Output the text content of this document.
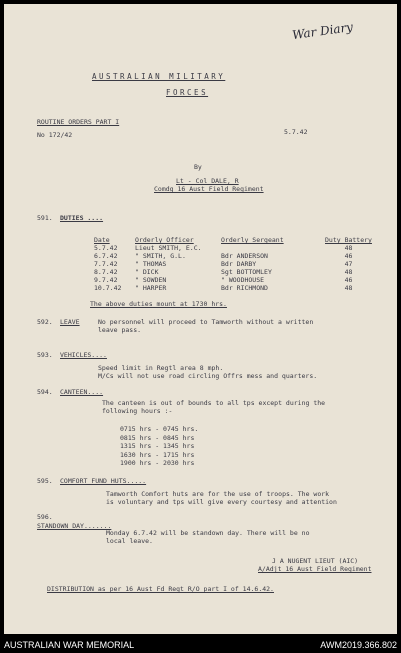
War Diary
AUSTRALIAN MILITARY
FORCES
ROUTINE ORDERS PART I
No 172/42	5.7.42
By
Lt - Col DALE, R
Comdg 16 Aust Field Regiment
591. DUTIES ....
Date	Orderly Officer	Orderly Sergeant	Duty Battery
5.7.42	Lieut SMITH, E.C.		48
6.7.42	" SMITH, G.L.	Bdr ANDERSON	46
7.7.42	" THOMAS	Bdr DARBY	47
8.7.42	" DICK	Sgt BOTTOMLEY	48
9.7.42	" SOWDEN	" WOODHOUSE	46
10.7.42	" HARPER	Bdr RICHMOND	48
The above duties mount at 1730 hrs.
592. LEAVE	No personnel will proceed to Tamworth without a written
leave pass.
593. VEHICLES....
Speed limit in Regtl area 8 mph.
M/Cs will not use road circling Offrs mess and quarters.
594. CANTEEN....
The canteen is out of bounds to all tps except during the
following hours :-
0715 hrs - 0745 hrs.
0815 hrs - 0845 hrs
1315 hrs - 1345 hrs
1630 hrs - 1715 hrs
1900 hrs - 2030 hrs
595. COMFORT FUND HUTS.....
Tamworth Comfort huts are for the use of troops. The work
is voluntary and tps will give every courtesy and attention
596.
STANDOWN DAY.......
Monday 6.7.42 will be standown day. There will be no
local leave.
J A NUGENT LIEUT (AIC)
A/Adjt 16 Aust Field Regiment
DISTRIBUTION as per 16 Aust Fd Regt R/O part I of 14.6.42.
AUSTRALIAN WAR MEMORIAL	AWM2019.366.802
